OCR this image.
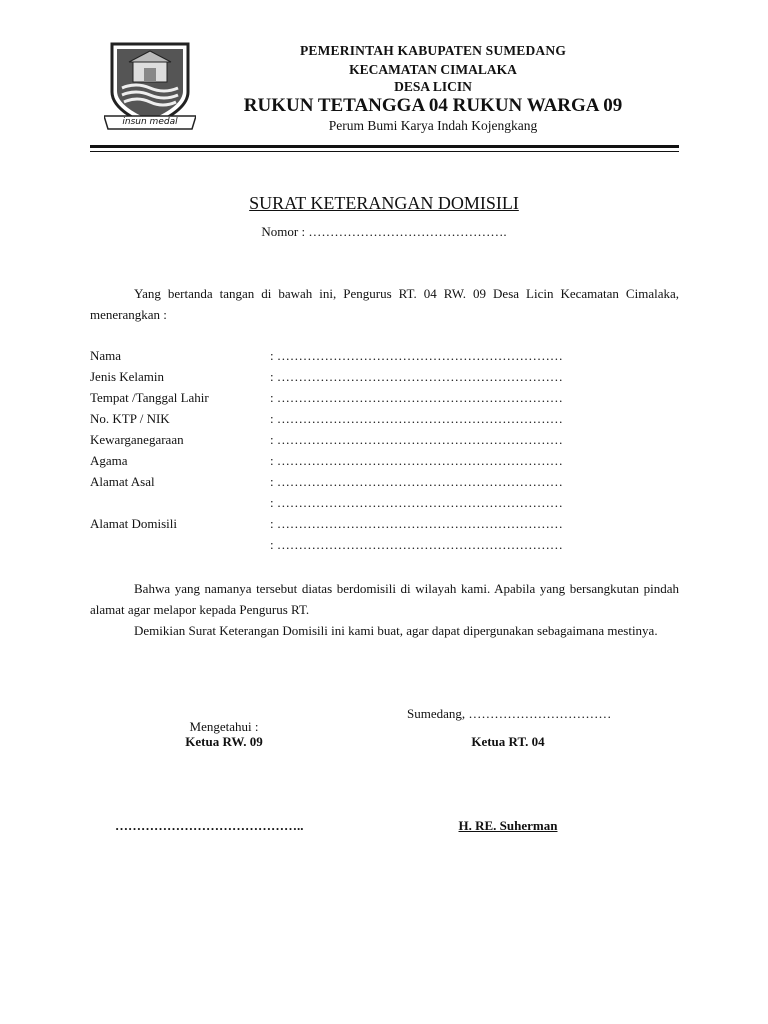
insun medal
PEMERINTAH KABUPATEN SUMEDANG
KECAMATAN CIMALAKA
DESA LICIN
RUKUN TETANGGA 04 RUKUN WARGA 09
Perum Bumi Karya Indah Kojengkang
SURAT KETERANGAN DOMISILI
Nomor : ……………………………………….
Yang bertanda tangan di bawah ini, Pengurus RT. 04 RW. 09 Desa Licin Kecamatan Cimalaka, menerangkan :
Nama	: …………………………………………………………
Jenis Kelamin	: …………………………………………………………
Tempat /Tanggal Lahir	: …………………………………………………………
No. KTP / NIK	: …………………………………………………………
Kewarganegaraan	: …………………………………………………………
Agama	: …………………………………………………………
Alamat Asal	: …………………………………………………………
: …………………………………………………………
Alamat Domisili	: …………………………………………………………
: …………………………………………………………
Bahwa yang namanya tersebut diatas berdomisili di wilayah kami. Apabila yang bersangkutan pindah alamat agar melapor kepada Pengurus RT.
Demikian Surat Keterangan Domisili ini kami buat, agar dapat dipergunakan sebagaimana mestinya.
Sumedang, ……………………………
Mengetahui :
Ketua RW. 09	Ketua RT. 04
……………………………………..	H. RE. Suherman
